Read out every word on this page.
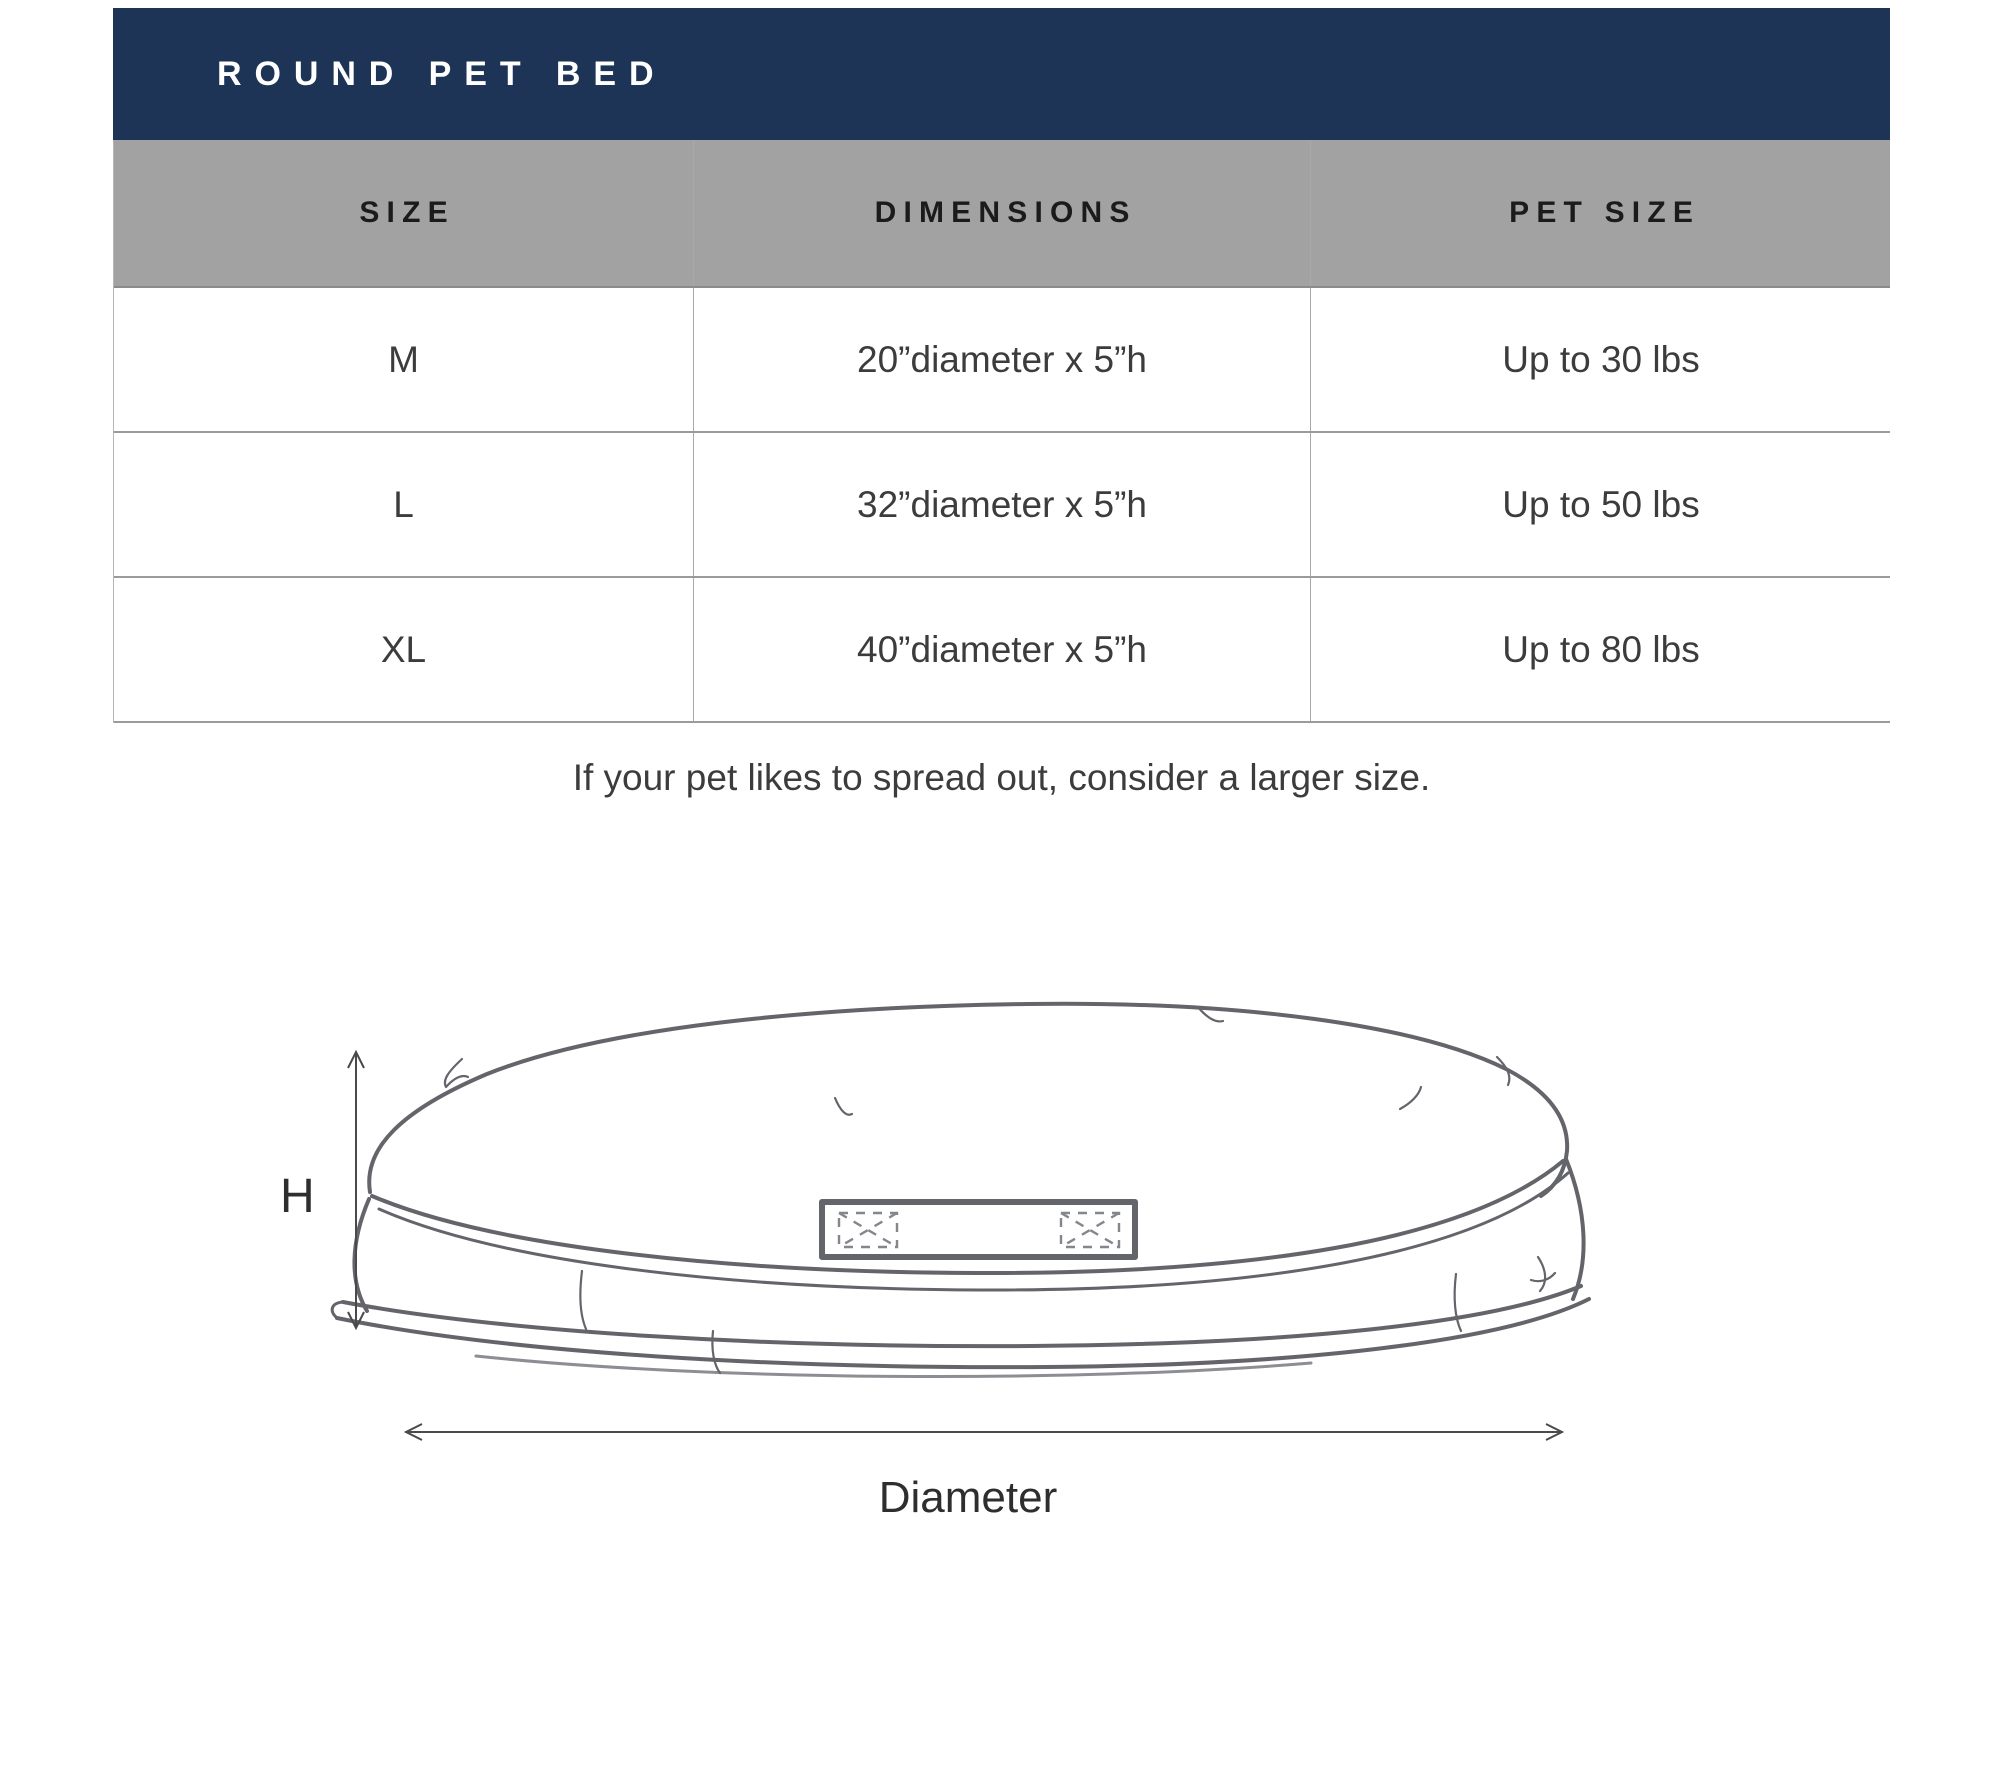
ROUND PET BED
SIZE	DIMENSIONS	PET SIZE
M	20”diameter x 5”h	Up to 30 lbs
L	32”diameter x 5”h	Up to 50 lbs
XL	40”diameter x 5”h	Up to 80 lbs
If your pet likes to spread out, consider a larger size.
H
Diameter
